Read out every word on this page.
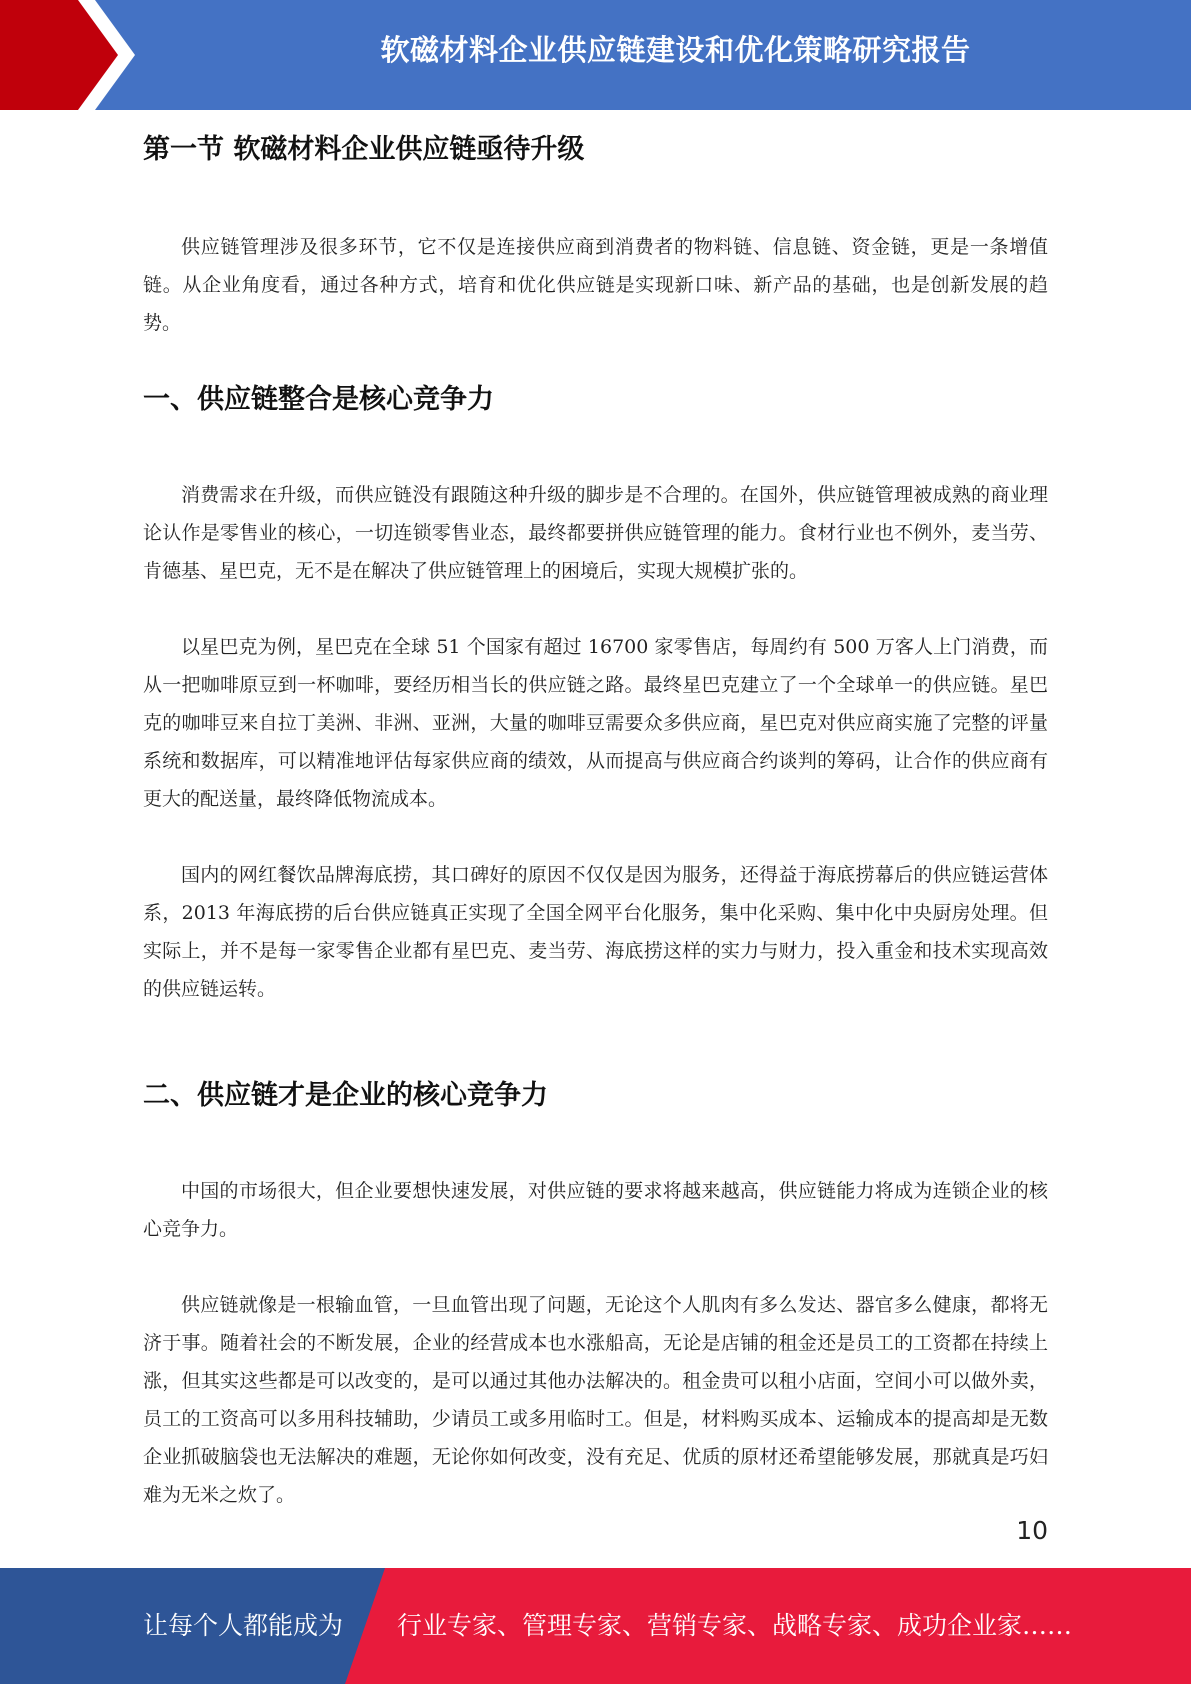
软磁材料企业供应链建设和优化策略研究报告
第一节 软磁材料企业供应链亟待升级

供应链管理涉及很多环节，它不仅是连接供应商到消费者的物料链、信息链、资金链，更是一条增值链。从企业角度看，通过各种方式，培育和优化供应链是实现新口味、新产品的基础，也是创新发展的趋势。

一、供应链整合是核心竞争力

消费需求在升级，而供应链没有跟随这种升级的脚步是不合理的。在国外，供应链管理被成熟的商业理论认作是零售业的核心，一切连锁零售业态，最终都要拼供应链管理的能力。食材行业也不例外，麦当劳、肯德基、星巴克，无不是在解决了供应链管理上的困境后，实现大规模扩张的。

以星巴克为例，星巴克在全球 51 个国家有超过 16700 家零售店，每周约有 500 万客人上门消费，而从一把咖啡原豆到一杯咖啡，要经历相当长的供应链之路。最终星巴克建立了一个全球单一的供应链。星巴克的咖啡豆来自拉丁美洲、非洲、亚洲，大量的咖啡豆需要众多供应商，星巴克对供应商实施了完整的评量系统和数据库，可以精准地评估每家供应商的绩效，从而提高与供应商合约谈判的筹码，让合作的供应商有更大的配送量，最终降低物流成本。

国内的网红餐饮品牌海底捞，其口碑好的原因不仅仅是因为服务，还得益于海底捞幕后的供应链运营体系，2013 年海底捞的后台供应链真正实现了全国全网平台化服务，集中化采购、集中化中央厨房处理。但实际上，并不是每一家零售企业都有星巴克、麦当劳、海底捞这样的实力与财力，投入重金和技术实现高效的供应链运转。

二、供应链才是企业的核心竞争力

中国的市场很大，但企业要想快速发展，对供应链的要求将越来越高，供应链能力将成为连锁企业的核心竞争力。

供应链就像是一根输血管，一旦血管出现了问题，无论这个人肌肉有多么发达、器官多么健康，都将无济于事。随着社会的不断发展，企业的经营成本也水涨船高，无论是店铺的租金还是员工的工资都在持续上涨，但其实这些都是可以改变的，是可以通过其他办法解决的。租金贵可以租小店面，空间小可以做外卖，员工的工资高可以多用科技辅助，少请员工或多用临时工。但是，材料购买成本、运输成本的提高却是无数企业抓破脑袋也无法解决的难题，无论你如何改变，没有充足、优质的原材还希望能够发展，那就真是巧妇难为无米之炊了。

10
让每个人都能成为 行业专家、管理专家、营销专家、战略专家、成功企业家……
